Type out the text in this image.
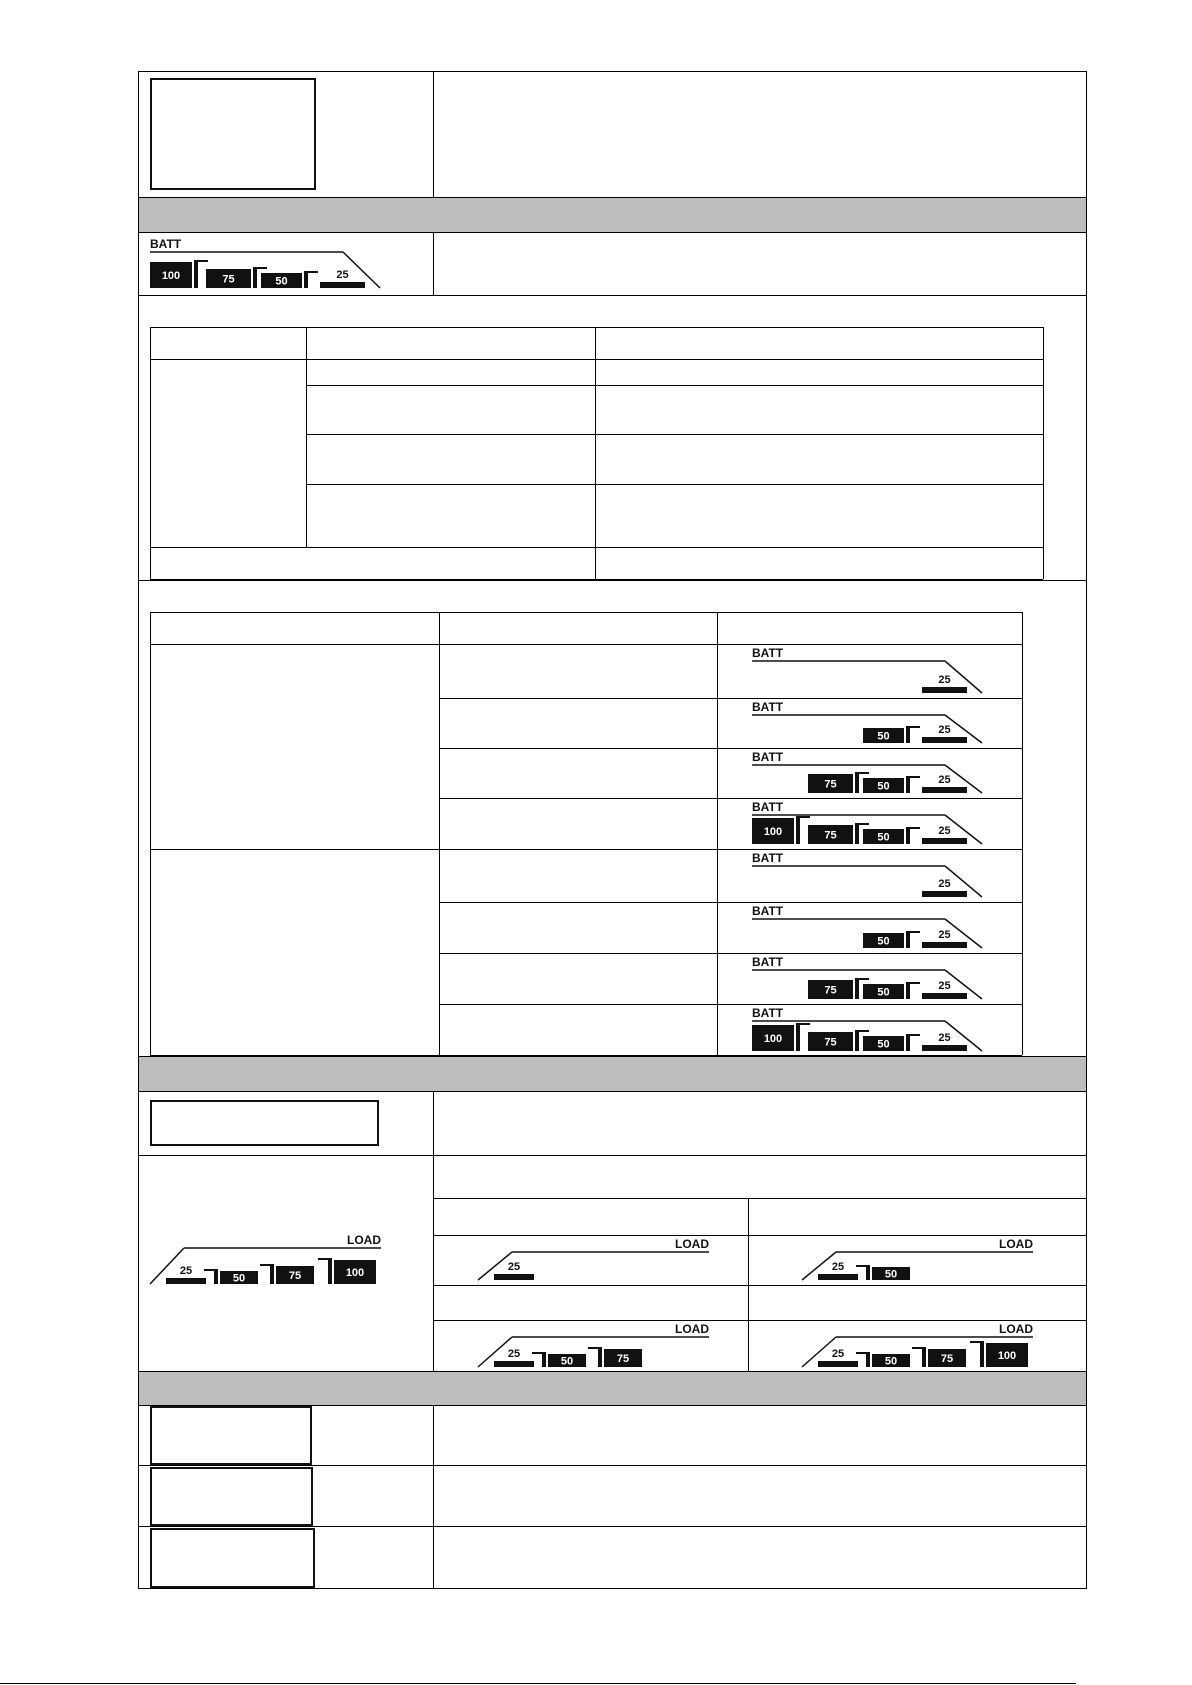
BATT
100	75	50
25
BATT
25
BATT
50
25
BATT
75	50
25
BATT
100	75	50
25
BATT
25
BATT
50
25
BATT
75	50
25
BATT
100	75	50
25
LOAD
25
50	75	100
LOAD
25
LOAD
25
50
LOAD
25
50	75
LOAD
25
50	75	100
